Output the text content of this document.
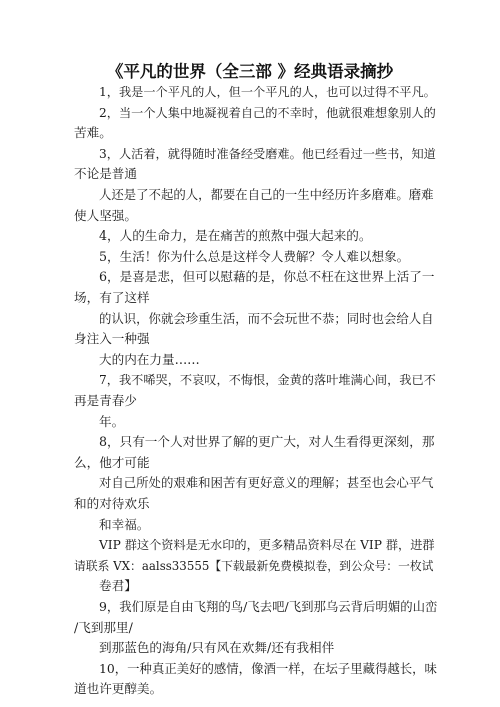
《平凡的世界（全三部 》经典语录摘抄
1，我是一个平凡的人，但一个平凡的人，也可以过得不平凡。
2，当一个人集中地凝视着自己的不幸时，他就很难想象别人的
苦难。
3，人活着，就得随时准备经受磨难。他已经看过一些书，知道
不论是普通
人还是了不起的人，都要在自己的一生中经历许多磨难。磨难
使人坚强。
4，人的生命力，是在痛苦的煎熬中强大起来的。
5，生活！你为什么总是这样令人费解？令人难以想象。
6，是喜是悲，但可以慰藉的是，你总不枉在这世界上活了一
场，有了这样
的认识，你就会珍重生活，而不会玩世不恭；同时也会给人自
身注入一种强
大的内在力量……
7，我不唏哭，不哀叹，不悔恨，金黄的落叶堆满心间，我已不
再是青春少
年。
8，只有一个人对世界了解的更广大，对人生看得更深刻，那
么，他才可能
对自己所处的艰难和困苦有更好意义的理解；甚至也会心平气
和的对待欢乐
和幸福。
VIP 群这个资料是无水印的，更多精品资料尽在 VIP 群，进群
请联系 VX：aalss33555【下载最新免费模拟卷，到公众号：一枚试
卷君】
9，我们原是自由飞翔的鸟/飞去吧/飞到那乌云背后明媚的山峦
/飞到那里/
到那蓝色的海角/只有风在欢舞/还有我相伴
10，一种真正美好的感情，像酒一样，在坛子里藏得越长，味
道也许更醇美。
